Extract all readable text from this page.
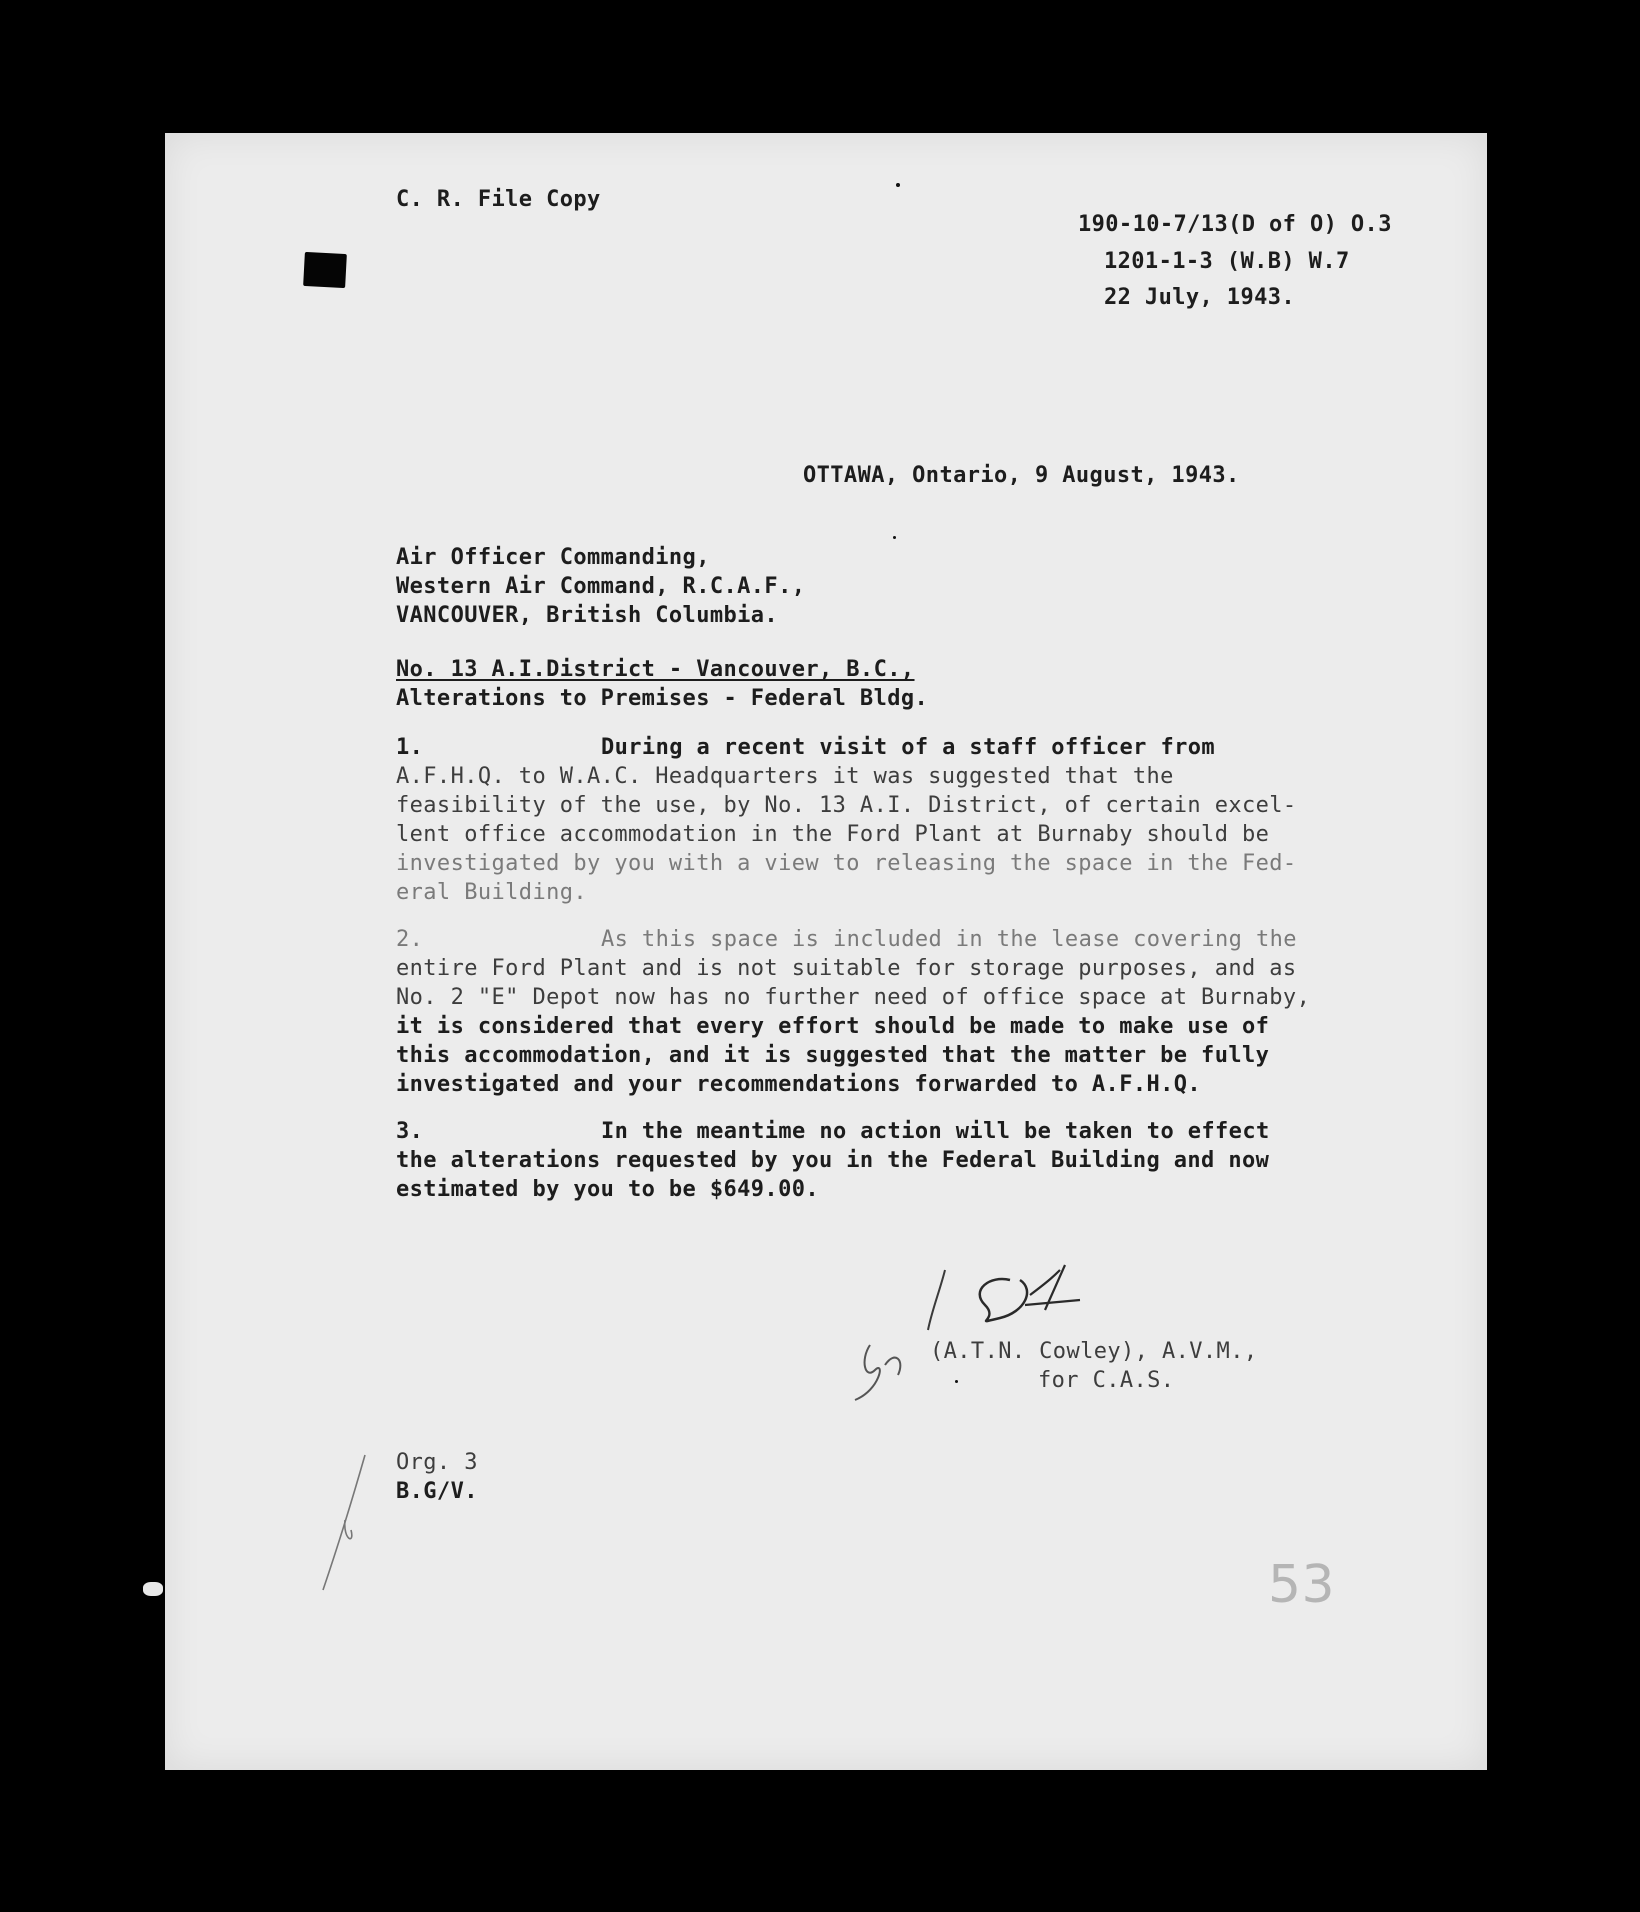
C. R. File Copy
190-10-7/13(D of O) O.3
1201-1-3 (W.B) W.7
22 July, 1943.
OTTAWA, Ontario, 9 August, 1943.
Air Officer Commanding,
Western Air Command, R.C.A.F.,
VANCOUVER, British Columbia.
No. 13 A.I.District - Vancouver, B.C.,
Alterations to Premises - Federal Bldg.
1.	During a recent visit of a staff officer from
A.F.H.Q. to W.A.C. Headquarters it was suggested that the
feasibility of the use, by No. 13 A.I. District, of certain excel-
lent office accommodation in the Ford Plant at Burnaby should be
investigated by you with a view to releasing the space in the Fed-
eral Building.
2.	As this space is included in the lease covering the
entire Ford Plant and is not suitable for storage purposes, and as
No. 2 "E" Depot now has no further need of office space at Burnaby,
it is considered that every effort should be made to make use of
this accommodation, and it is suggested that the matter be fully
investigated and your recommendations forwarded to A.F.H.Q.
3.	In the meantime no action will be taken to effect
the alterations requested by you in the Federal Building and now
estimated by you to be $649.00.
(A.T.N. Cowley), A.V.M.,
for C.A.S.
Org. 3
B.G/V.
53
